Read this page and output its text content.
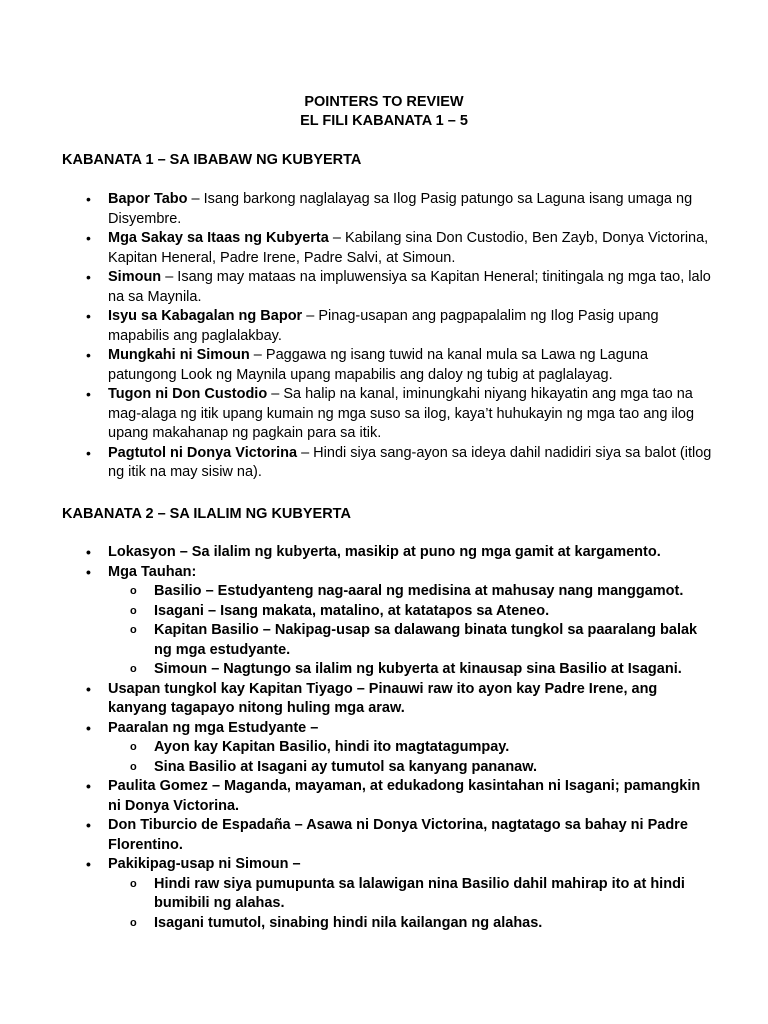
POINTERS TO REVIEW
EL FILI KABANATA 1 – 5
KABANATA 1 – SA IBABAW NG KUBYERTA
• Bapor Tabo – Isang barkong naglalayag sa Ilog Pasig patungo sa Laguna isang umaga ng Disyembre.
• Mga Sakay sa Itaas ng Kubyerta – Kabilang sina Don Custodio, Ben Zayb, Donya Victorina, Kapitan Heneral, Padre Irene, Padre Salvi, at Simoun.
• Simoun – Isang may mataas na impluwensiya sa Kapitan Heneral; tinitingala ng mga tao, lalo na sa Maynila.
• Isyu sa Kabagalan ng Bapor – Pinag-usapan ang pagpapalalim ng Ilog Pasig upang mapabilis ang paglalakbay.
• Mungkahi ni Simoun – Paggawa ng isang tuwid na kanal mula sa Lawa ng Laguna patungong Look ng Maynila upang mapabilis ang daloy ng tubig at paglalayag.
• Tugon ni Don Custodio – Sa halip na kanal, iminungkahi niyang hikayatin ang mga tao na mag-alaga ng itik upang kumain ng mga suso sa ilog, kaya’t huhukayin ng mga tao ang ilog upang makahanap ng pagkain para sa itik.
• Pagtutol ni Donya Victorina – Hindi siya sang-ayon sa ideya dahil nadidiri siya sa balot (itlog ng itik na may sisiw na).
KABANATA 2 – SA ILALIM NG KUBYERTA
• Lokasyon – Sa ilalim ng kubyerta, masikip at puno ng mga gamit at kargamento.
• Mga Tauhan:
o Basilio – Estudyanteng nag-aaral ng medisina at mahusay nang manggamot.
o Isagani – Isang makata, matalino, at katatapos sa Ateneo.
o Kapitan Basilio – Nakipag-usap sa dalawang binata tungkol sa paaralang balak ng mga estudyante.
o Simoun – Nagtungo sa ilalim ng kubyerta at kinausap sina Basilio at Isagani.
• Usapan tungkol kay Kapitan Tiyago – Pinauwi raw ito ayon kay Padre Irene, ang kanyang tagapayo nitong huling mga araw.
• Paaralan ng mga Estudyante –
o Ayon kay Kapitan Basilio, hindi ito magtatagumpay.
o Sina Basilio at Isagani ay tumutol sa kanyang pananaw.
• Paulita Gomez – Maganda, mayaman, at edukadong kasintahan ni Isagani; pamangkin ni Donya Victorina.
• Don Tiburcio de Espadaña – Asawa ni Donya Victorina, nagtatago sa bahay ni Padre Florentino.
• Pakikipag-usap ni Simoun –
o Hindi raw siya pumupunta sa lalawigan nina Basilio dahil mahirap ito at hindi bumibili ng alahas.
o Isagani tumutol, sinabing hindi nila kailangan ng alahas.
